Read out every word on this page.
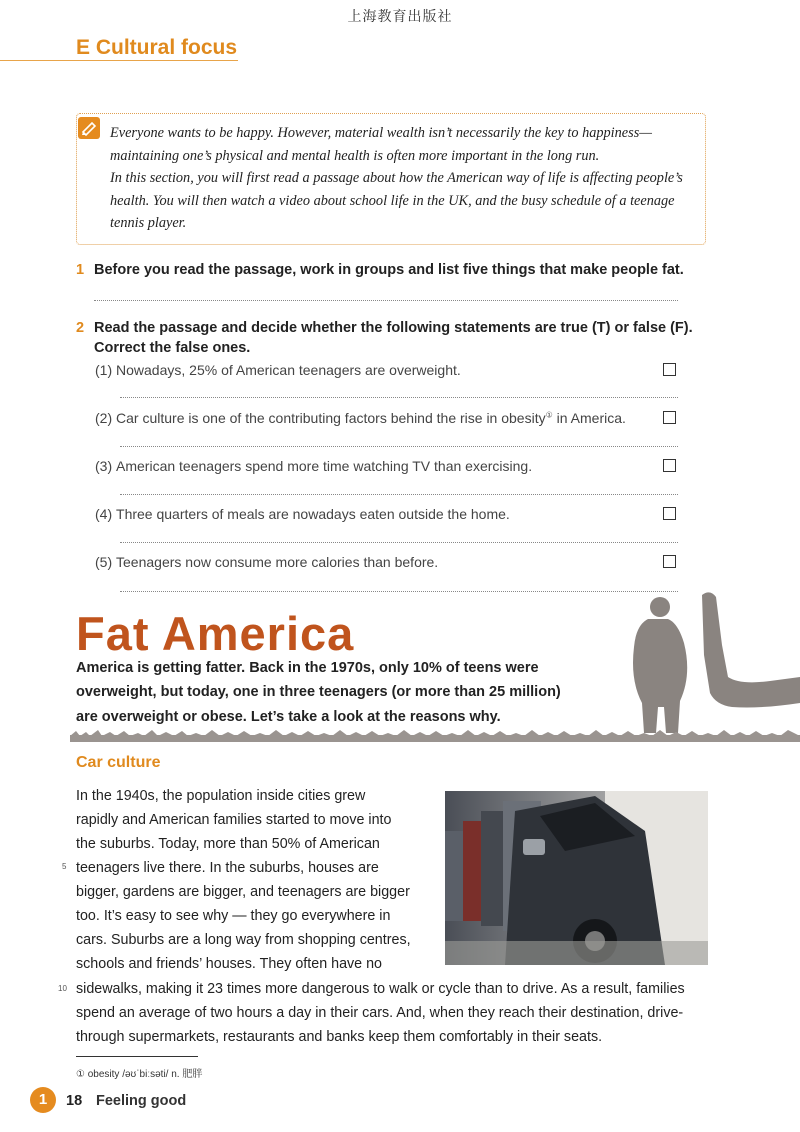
上海教育出版社
E Cultural focus

Everyone wants to be happy. However, material wealth isn’t necessarily the key to happiness—maintaining one’s physical and mental health is often more important in the long run.

In this section, you will first read a passage about how the American way of life is affecting people’s health. You will then watch a video about school life in the UK, and the busy schedule of a teenage tennis player.

1 Before you read the passage, work in groups and list five things that make people fat.
2 Read the passage and decide whether the following statements are true (T) or false (F).
Correct the false ones.
(1) Nowadays, 25% of American teenagers are overweight.
(2) Car culture is one of the contributing factors behind the rise in obesity① in America.
(3) American teenagers spend more time watching TV than exercising.
(4) Three quarters of meals are nowadays eaten outside the home.
(5) Teenagers now consume more calories than before.
Fat America
America is getting fatter. Back in the 1970s, only 10% of teens were
overweight, but today, one in three teenagers (or more than 25 million)
are overweight or obese. Let’s take a look at the reasons why.
Car culture
In the 1940s, the population inside cities grew
rapidly and American families started to move into
the suburbs. Today, more than 50% of American
5 teenagers live there. In the suburbs, houses are
bigger, gardens are bigger, and teenagers are bigger
too. It’s easy to see why — they go everywhere in
cars. Suburbs are a long way from shopping centres,
schools and friends’ houses. They often have no
10 sidewalks, making it 23 times more dangerous to walk or cycle than to drive. As a result, families
spend an average of two hours a day in their cars. And, when they reach their destination, drive-
through supermarkets, restaurants and banks keep them comfortably in their seats.
① obesity /əʊˈbiːsəti/ n. 肥胖
1	18 Feeling good
